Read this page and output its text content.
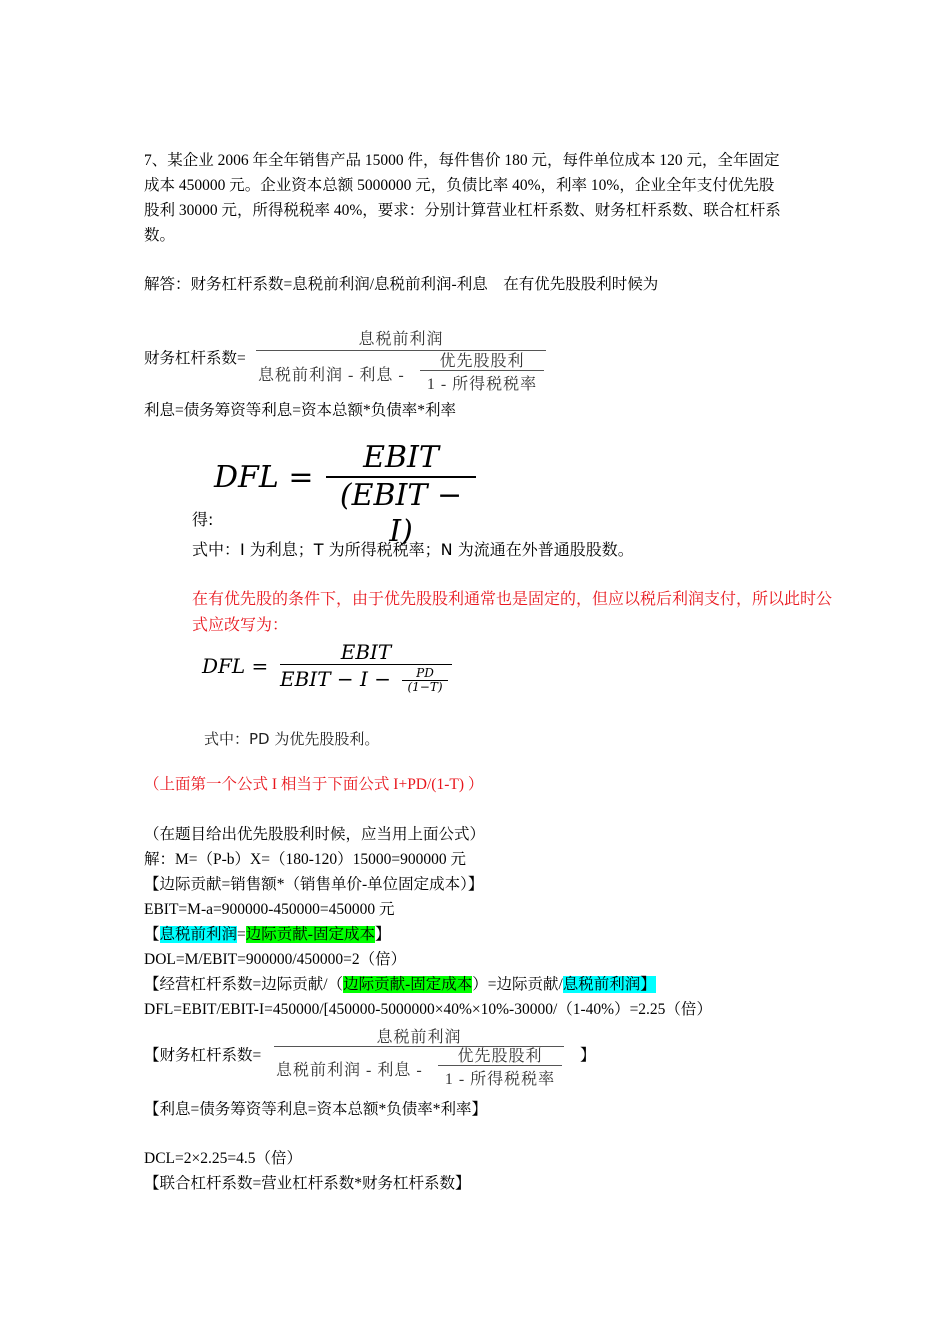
7、某企业 2006 年全年销售产品 15000 件，每件售价 180 元，每件单位成本 120 元，全年固定
成本 450000 元。企业资本总额 5000000 元，负债比率 40%，利率 10%，企业全年支付优先股
股利 30000 元，所得税税率 40%，要求：分别计算营业杠杆系数、财务杠杆系数、联合杠杆系
数。
解答：财务杠杆系数=息税前利润/息税前利润-利息    在有优先股股利时候为
财务杠杆系数=
息税前利润
息税前利润 - 利息 -
优先股股利
1 - 所得税税率
利息=债务筹资等利息=资本总额*负债率*利率
DFL =
EBIT
(EBIT − I)
得:
式中：I 为利息；T 为所得税税率；N 为流通在外普通股股数。
在有优先股的条件下，由于优先股股利通常也是固定的，但应以税后利润支付，所以此时公
式应改写为：
DFL =
EBIT
EBIT − I −	PD
(1−T)
式中：PD 为优先股股利。
（上面第一个公式 I 相当于下面公式 I+PD/(1-T) ）
（在题目给出优先股股利时候，应当用上面公式）
解：M=（P-b）X=（180-120）15000=900000 元
【边际贡献=销售额*（销售单价-单位固定成本）】
EBIT=M-a=900000-450000=450000 元
【息税前利润=边际贡献-固定成本】
DOL=M/EBIT=900000/450000=2（倍）
【经营杠杆系数=边际贡献/（边际贡献-固定成本）=边际贡献/息税前利润】
DFL=EBIT/EBIT-I=450000/[450000-5000000×40%×10%-30000/（1-40%）=2.25（倍）
【财务杠杆系数=
息税前利润
息税前利润 - 利息 -
优先股股利
1 - 所得税税率
】
【利息=债务筹资等利息=资本总额*负债率*利率】
DCL=2×2.25=4.5（倍）
【联合杠杆系数=营业杠杆系数*财务杠杆系数】
